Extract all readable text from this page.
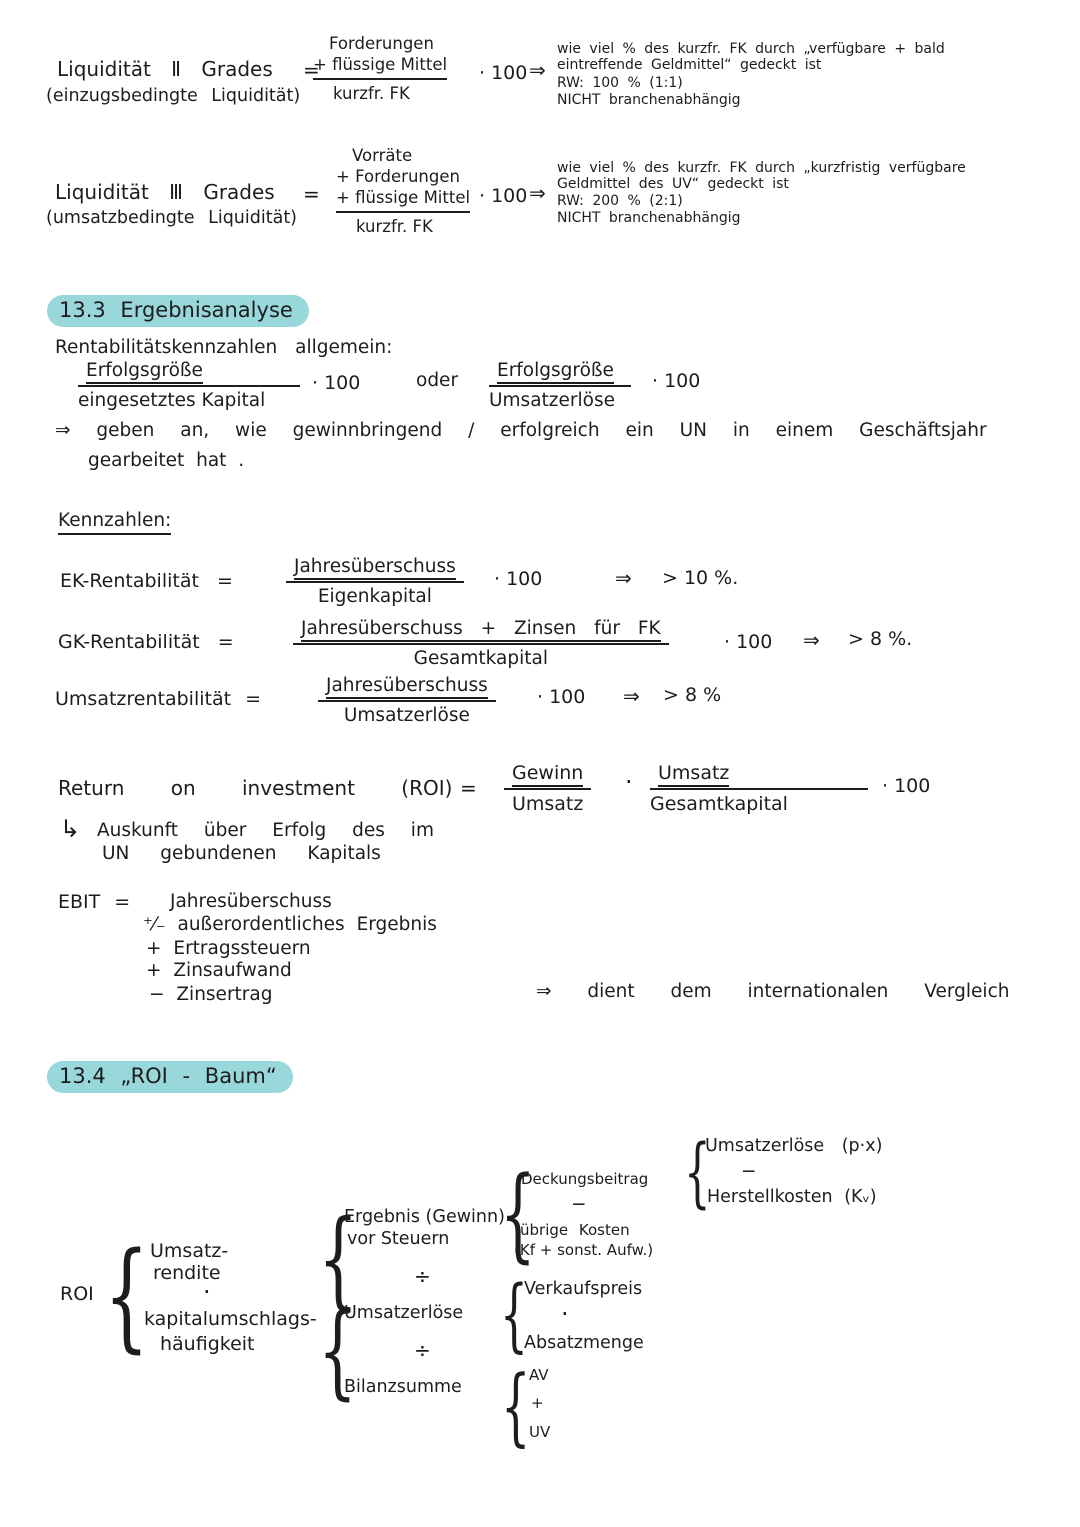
Liquidität Ⅱ Grades =
(einzugsbedingte Liquidität)
Forderungen
+ flüssige Mittel
kurzfr. FK
· 100 ⇒
wie viel % des kurzfr. FK durch „verfügbare + bald
eintreffende Geldmittel“ gedeckt ist
RW: 100 % (1:1)
NICHT branchenabhängig
Liquidität Ⅲ Grades =
(umsatzbedingte Liquidität)
Vorräte
+ Forderungen
+ flüssige Mittel
kurzfr. FK
· 100 ⇒
wie viel % des kurzfr. FK durch „kurzfristig verfügbare
Geldmittel des UV“ gedeckt ist
RW: 200 % (2:1)
NICHT branchenabhängig
13.3 Ergebnisanalyse
Rentabilitätskennzahlen allgemein:
Erfolgsgröße
eingesetztes Kapital
· 100	oder	Erfolgsgröße
Umsatzerlöse
· 100
⇒ geben an, wie gewinnbringend / erfolgreich ein UN in einem Geschäftsjahr
gearbeitet hat .
Kennzahlen:
EK-Rentabilität =
Jahresüberschuss
Eigenkapital
· 100	⇒ > 10 %.
GK-Rentabilität =
Jahresüberschuss + Zinsen für FK
Gesamtkapital
· 100 ⇒ > 8 %.
Umsatzrentabilität =
Jahresüberschuss
Umsatzerlöse
· 100 ⇒ > 8 %
Return on investment (ROI) =
Gewinn
Umsatz
·	Umsatz
Gesamtkapital
· 100
↳ Auskunft über Erfolg des im
UN gebundenen Kapitals
EBIT = Jahresüberschuss
⁺⁄₋ außerordentliches Ergebnis
+ Ertragssteuern
+ Zinsaufwand
− Zinsertrag	⇒ dient dem internationalen Vergleich
13.4 „ROI - Baum“
ROI { Umsatz-
rendite
·
kapitalumschlags-
häufigkeit
{
Ergebnis (Gewinn)
vor Steuern
÷
{
Umsatzerlöse
÷
Bilanzsumme
{
Deckungsbeitrag
−
übrige Kosten
(Kf + sonst. Aufw.)
{
Umsatzerlöse (p·x)
−
Herstellkosten (Kᵥ)
{
Verkaufspreis
·
Absatzmenge
{
AV
+
UV
